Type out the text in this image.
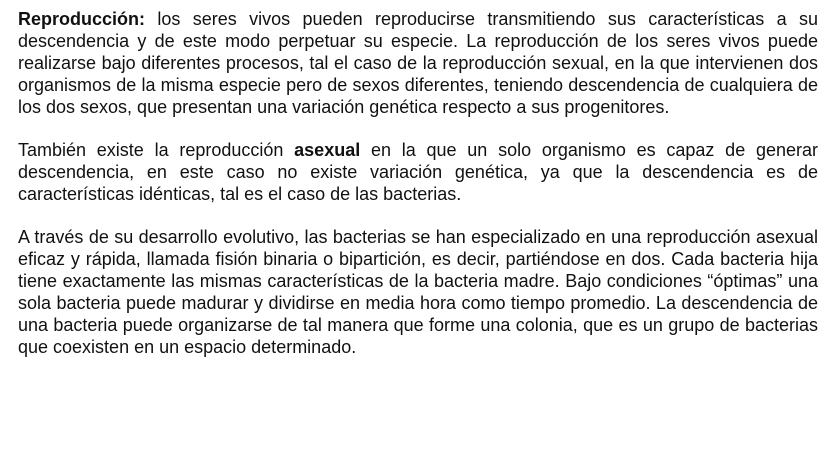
Reproducción: los seres vivos pueden reproducirse transmitiendo sus características a su descendencia y de este modo perpetuar su especie. La reproducción de los seres vivos puede realizarse bajo diferentes procesos, tal el caso de la reproducción sexual, en la que intervienen dos organismos de la misma especie pero de sexos diferentes, teniendo descendencia de cualquiera de los dos sexos, que presentan una variación genética respecto a sus progenitores.

También existe la reproducción asexual en la que un solo organismo es capaz de generar descendencia, en este caso no existe variación genética, ya que la descendencia es de características idénticas, tal es el caso de las bacterias.

A través de su desarrollo evolutivo, las bacterias se han especializado en una reproducción asexual eficaz y rápida, llamada fisión binaria o bipartición, es decir, partiéndose en dos. Cada bacteria hija tiene exactamente las mismas características de la bacteria madre. Bajo condiciones “óptimas” una sola bacteria puede madurar y dividirse en media hora como tiempo promedio. La descendencia de una bacteria puede organizarse de tal manera que forme una colonia, que es un grupo de bacterias que coexisten en un espacio determinado.
